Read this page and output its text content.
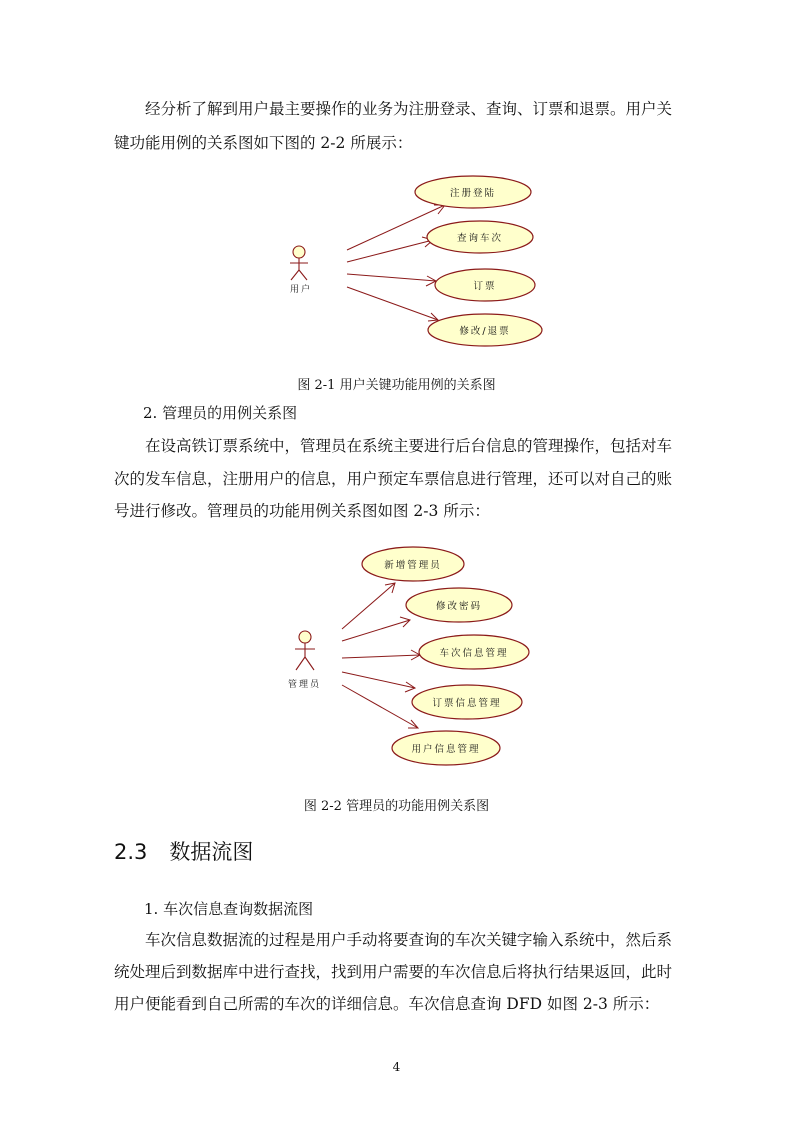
经分析了解到用户最主要操作的业务为注册登录、查询、订票和退票。用户关

键功能用例的关系图如下图的 2-2 所展示：

用户
注册登陆
查询车次
订票
修改/退票
图 2-1 用户关键功能用例的关系图
2. 管理员的用例关系图

在设高铁订票系统中，管理员在系统主要进行后台信息的管理操作，包括对车

次的发车信息，注册用户的信息，用户预定车票信息进行管理，还可以对自己的账

号进行修改。管理员的功能用例关系图如图 2-3 所示：

管理员
新增管理员
修改密码
车次信息管理
订票信息管理
用户信息管理
图 2-2 管理员的功能用例关系图
2.3 数据流图
1. 车次信息查询数据流图

车次信息数据流的过程是用户手动将要查询的车次关键字输入系统中，然后系

统处理后到数据库中进行查找，找到用户需要的车次信息后将执行结果返回，此时

用户便能看到自己所需的车次的详细信息。车次信息查询 DFD 如图 2-3 所示：

4
